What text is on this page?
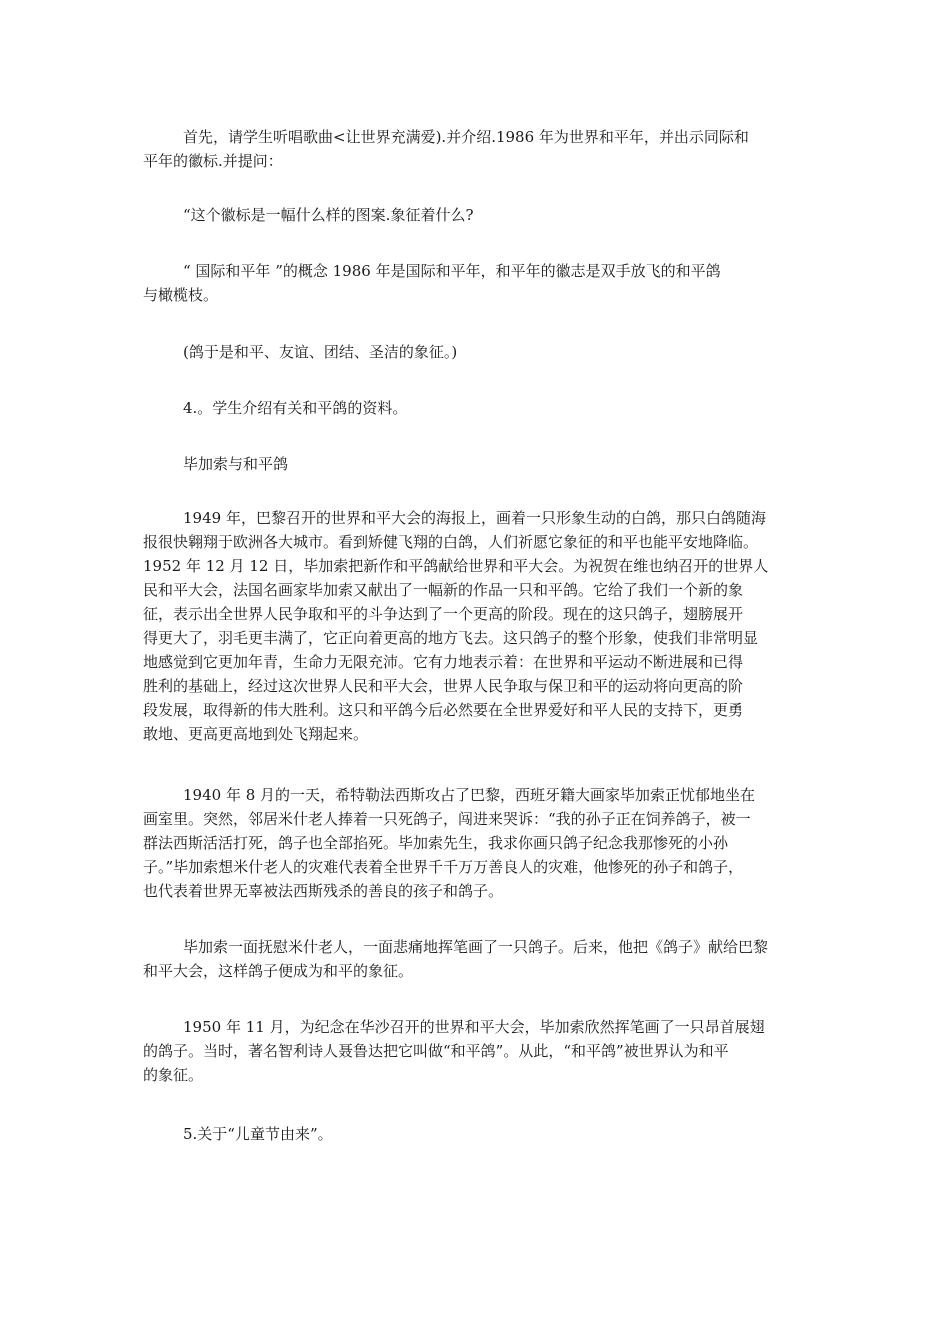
首先，请学生听唱歌曲<让世界充满爱).并介绍.1986 年为世界和平年，并出示同际和
平年的徽标.并提问：
“这个徽标是一幅什么样的图案.象征着什么?
“ 国际和平年 ”的概念 1986 年是国际和平年，和平年的徽志是双手放飞的和平鸽
与橄榄枝。
(鸽于是和平、友谊、团结、圣洁的象征。)
4.。学生介绍有关和平鸽的资料。
毕加索与和平鸽
1949 年，巴黎召开的世界和平大会的海报上，画着一只形象生动的白鸽，那只白鸽随海
报很快翱翔于欧洲各大城市。看到矫健飞翔的白鸽，人们祈愿它象征的和平也能平安地降临。
1952 年 12 月 12 日，毕加索把新作和平鸽献给世界和平大会。为祝贺在维也纳召开的世界人
民和平大会，法国名画家毕加索又献出了一幅新的作品一只和平鸽。它给了我们一个新的象
征，表示出全世界人民争取和平的斗争达到了一个更高的阶段。现在的这只鸽子，翅膀展开
得更大了，羽毛更丰满了，它正向着更高的地方飞去。这只鸽子的整个形象，使我们非常明显
地感觉到它更加年青，生命力无限充沛。它有力地表示着：在世界和平运动不断进展和已得
胜利的基础上，经过这次世界人民和平大会，世界人民争取与保卫和平的运动将向更高的阶
段发展，取得新的伟大胜利。这只和平鸽今后必然要在全世界爱好和平人民的支持下，更勇
敢地、更高更高地到处飞翔起来。
1940 年 8 月的一天，希特勒法西斯攻占了巴黎，西班牙籍大画家毕加索正忧郁地坐在
画室里。突然，邻居米什老人捧着一只死鸽子，闯进来哭诉：“我的孙子正在饲养鸽子，被一
群法西斯活活打死，鸽子也全部掐死。毕加索先生，我求你画只鸽子纪念我那惨死的小孙
子。”毕加索想米什老人的灾难代表着全世界千千万万善良人的灾难，他惨死的孙子和鸽子，
也代表着世界无辜被法西斯残杀的善良的孩子和鸽子。
毕加索一面抚慰米什老人，一面悲痛地挥笔画了一只鸽子。后来，他把《鸽子》献给巴黎
和平大会，这样鸽子便成为和平的象征。
1950 年 11 月，为纪念在华沙召开的世界和平大会，毕加索欣然挥笔画了一只昂首展翅
的鸽子。当时，著名智利诗人聂鲁达把它叫做“和平鸽”。从此，“和平鸽”被世界认为和平
的象征。
5.关于“儿童节由来”。
